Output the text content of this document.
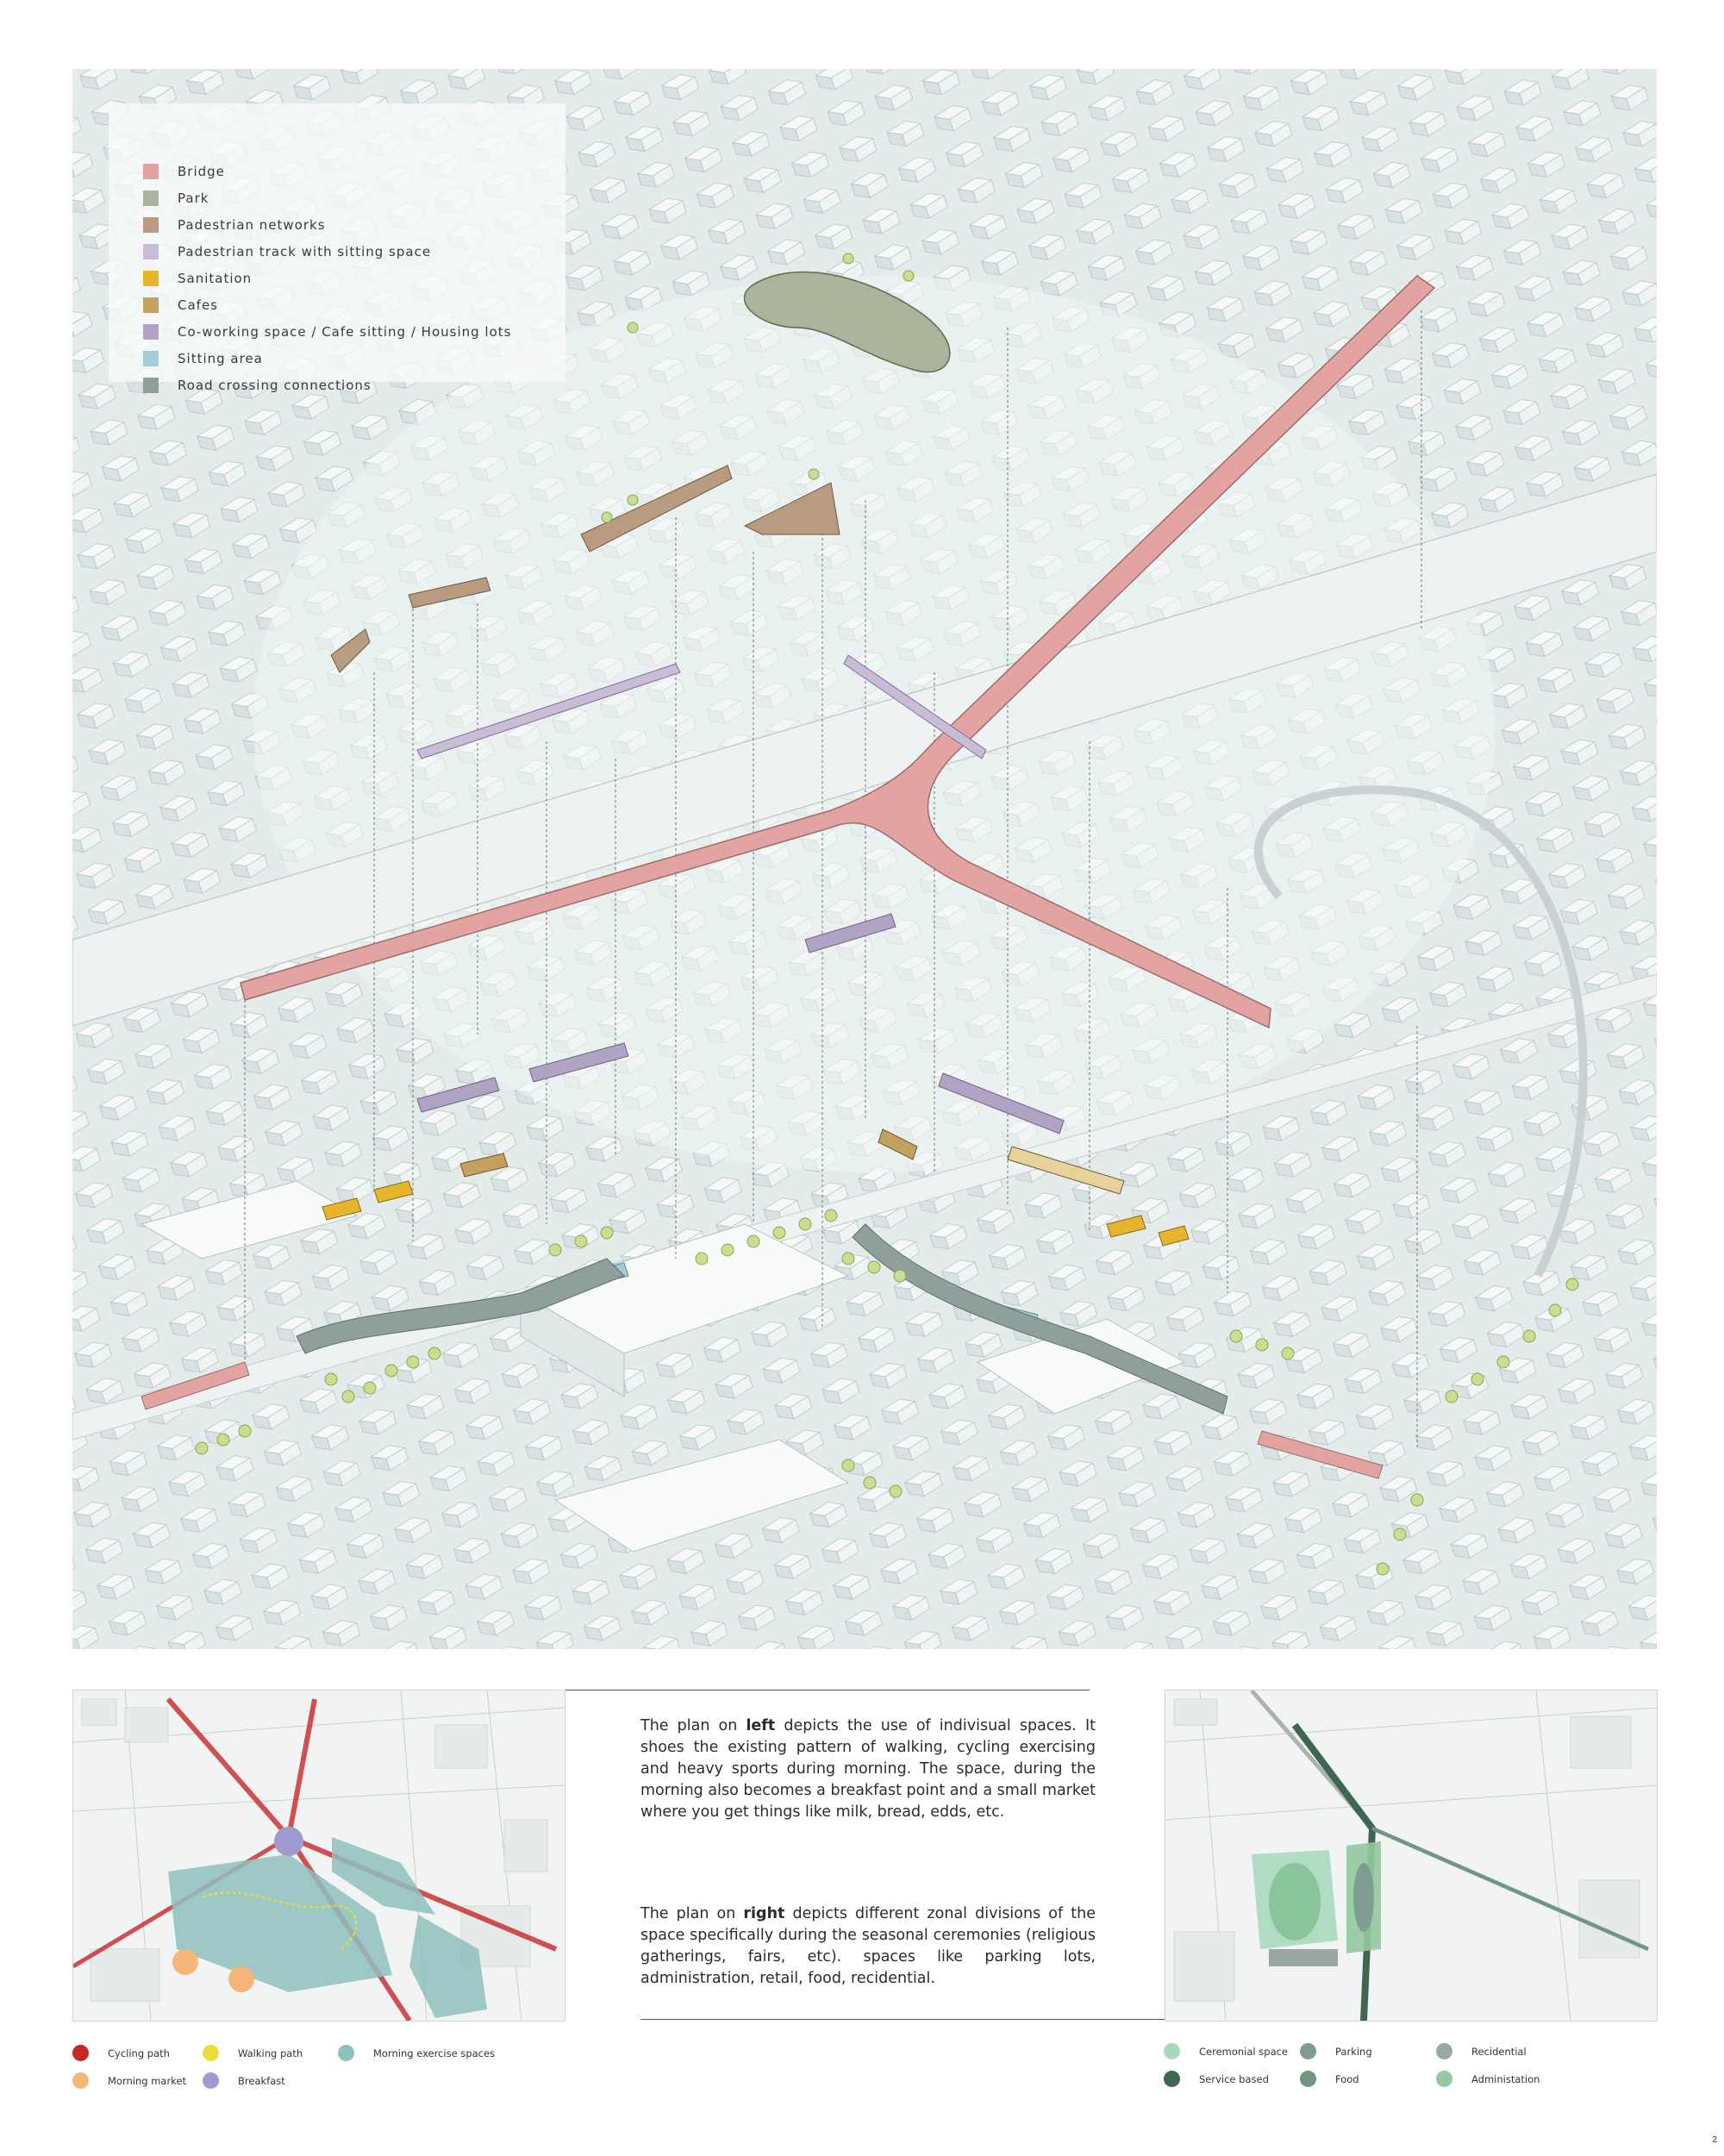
Bridge
Park
Padestrian networks
Padestrian track with sitting space
Sanitation
Cafes
Co-working space / Cafe sitting / Housing lots
Sitting area
Road crossing connections
The plan on left depicts the use of indivisual spaces. It shoes the existing pattern of walking, cycling exercising and heavy sports during morning. The space, during the morning also becomes a breakfast point and a small market where you get things like milk, bread, edds, etc.
The plan on right depicts different zonal divisions of the space specifically during the seasonal ceremonies (religious gatherings, fairs, etc). spaces like parking lots, administration, retail, food, recidential.
Cycling path	Walking path	Morning exercise spaces
Morning market	Breakfast
Ceremonial space	Parking	Recidential
Service based	Food	Administation
2
